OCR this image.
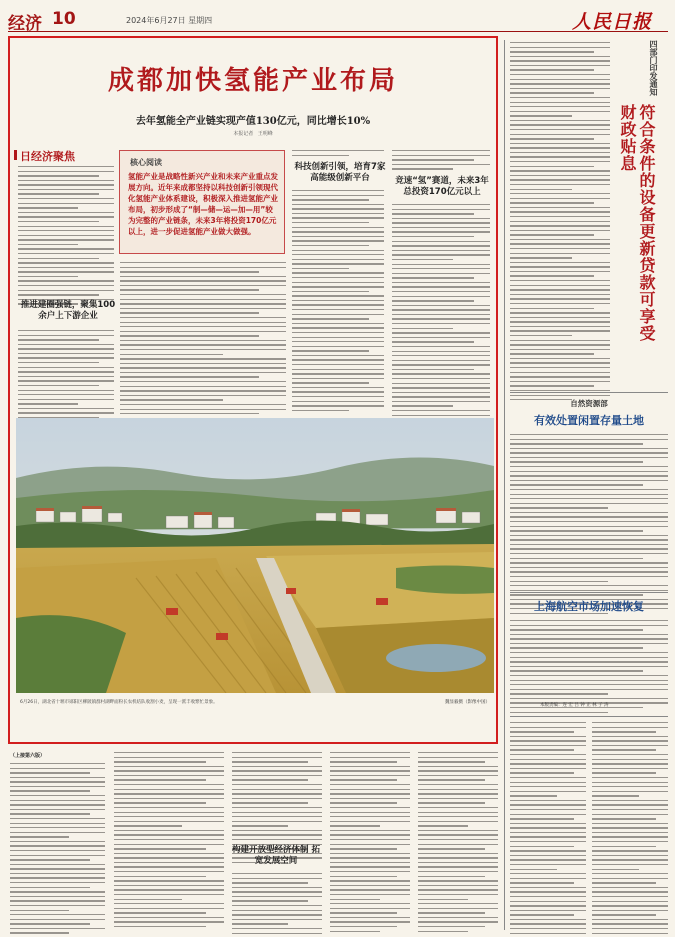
经济 10	2024年6月27日 星期四	人民日报
成都加快氢能产业布局
去年氢能全产业链实现产值130亿元，同比增长10%
本报记者 王明峰
日经济聚焦
推进建圈强链，聚集100余户上下游企业
核心阅读
氢能产业是战略性新兴产业和未来产业重点发展方向。近年来成都坚持以科技创新引领现代化氢能产业体系建设，积极深入推进氢能产业布局，初步形成了“制—储—运—加—用”较为完整的产业链条，未来3年将投资170亿元以上，进一步促进氢能产业做大做强。
科技创新引领，培育7家高能级创新平台	竞速“氢”赛道，未来3年总投资170亿元以上
6月26日，湖北省十堰市郧阳区柳陂镇群村湖畔面粉长农机结队收割小麦，呈现一派丰收繁忙景象。	魏显毅摄（影像中国）
（上接第六版）
构建开放型经济体制 拓宽发展空间
四部门印发通知
符合条件的设备更新贷款可享受财政贴息
自然资源部
有效处置闲置存量土地
上海航空市场加速恢复
本版责编：连 宏 吕 钟 正 林 子 涛
